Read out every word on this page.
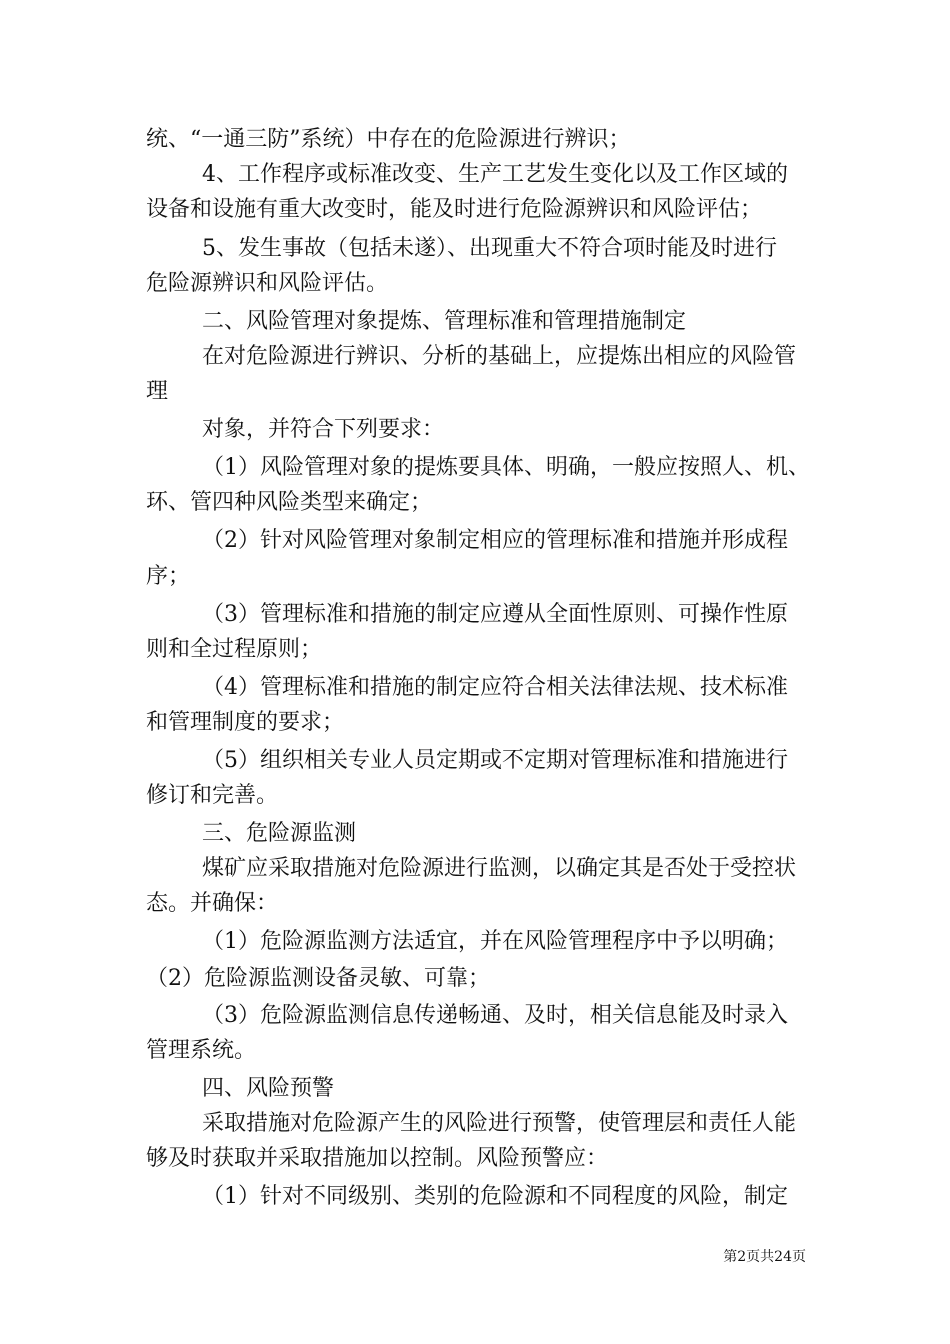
统、“一通三防”系统）中存在的危险源进行辨识；
4、工作程序或标准改变、生产工艺发生变化以及工作区域的
设备和设施有重大改变时，能及时进行危险源辨识和风险评估；
5、发生事故（包括未遂）、出现重大不符合项时能及时进行
危险源辨识和风险评估。
二、风险管理对象提炼、管理标准和管理措施制定
在对危险源进行辨识、分析的基础上，应提炼出相应的风险管
理
对象，并符合下列要求：
（1）风险管理对象的提炼要具体、明确，一般应按照人、机、
环、管四种风险类型来确定；
（2）针对风险管理对象制定相应的管理标准和措施并形成程
序；
（3）管理标准和措施的制定应遵从全面性原则、可操作性原
则和全过程原则；
（4）管理标准和措施的制定应符合相关法律法规、技术标准
和管理制度的要求；
（5）组织相关专业人员定期或不定期对管理标准和措施进行
修订和完善。
三、危险源监测
煤矿应采取措施对危险源进行监测，以确定其是否处于受控状
态。并确保：
（1）危险源监测方法适宜，并在风险管理程序中予以明确；
（2）危险源监测设备灵敏、可靠；
（3）危险源监测信息传递畅通、及时，相关信息能及时录入
管理系统。
四、风险预警
采取措施对危险源产生的风险进行预警，使管理层和责任人能
够及时获取并采取措施加以控制。风险预警应：
（1）针对不同级别、类别的危险源和不同程度的风险，制定
第2页共24页
